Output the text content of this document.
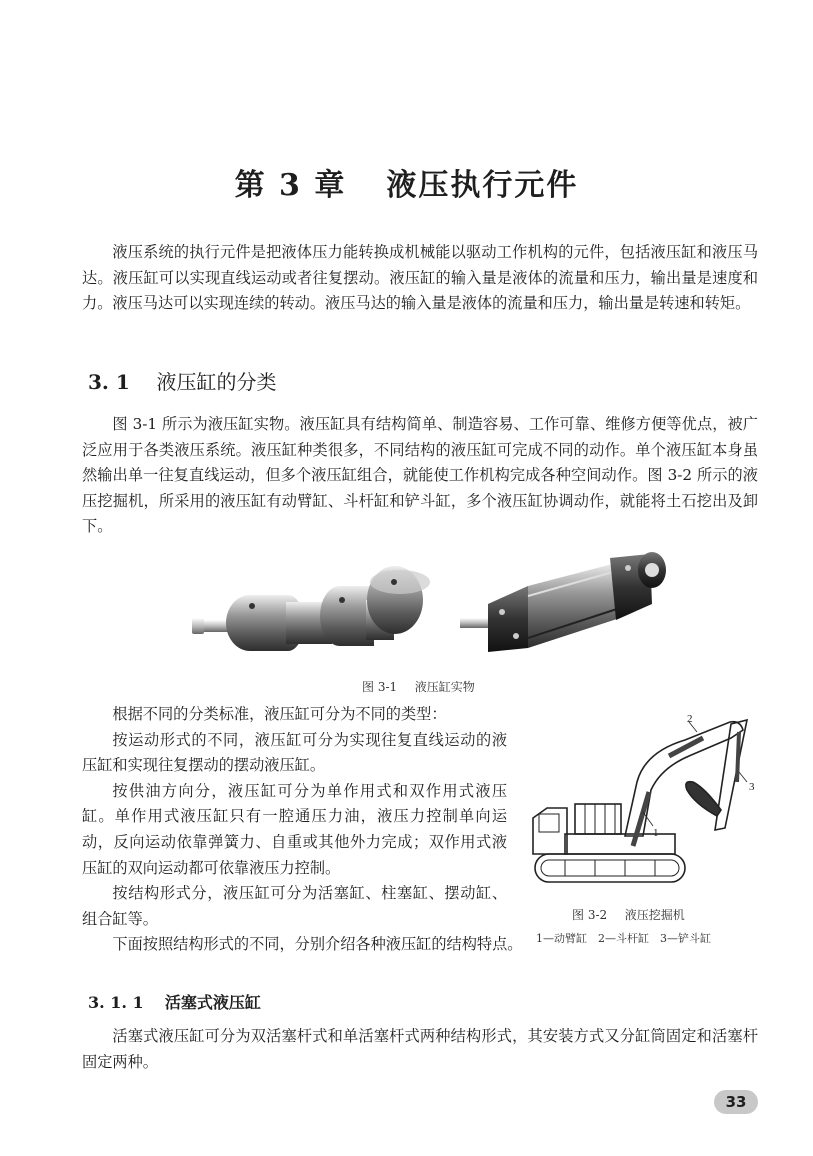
第 3 章 液压执行元件

液压系统的执行元件是把液体压力能转换成机械能以驱动工作机构的元件，包括液压缸和液压马达。液压缸可以实现直线运动或者往复摆动。液压缸的输入量是液体的流量和压力，输出量是速度和力。液压马达可以实现连续的转动。液压马达的输入量是液体的流量和压力，输出量是转速和转矩。

3. 1 液压缸的分类

图 3-1 所示为液压缸实物。液压缸具有结构简单、制造容易、工作可靠、维修方便等优点，被广泛应用于各类液压系统。液压缸种类很多，不同结构的液压缸可完成不同的动作。单个液压缸本身虽然输出单一往复直线运动，但多个液压缸组合，就能使工作机构完成各种空间动作。图 3-2 所示的液压挖掘机，所采用的液压缸有动臂缸、斗杆缸和铲斗缸，多个液压缸协调动作，就能将土石挖出及卸下。

图 3-1 液压缸实物

根据不同的分类标准，液压缸可分为不同的类型：

按运动形式的不同，液压缸可分为实现往复直线运动的液压缸和实现往复摆动的摆动液压缸。

按供油方向分，液压缸可分为单作用式和双作用式液压缸。单作用式液压缸只有一腔通压力油，液压力控制单向运动，反向运动依靠弹簧力、自重或其他外力完成；双作用式液压缸的双向运动都可依靠液压力控制。

按结构形式分，液压缸可分为活塞缸、柱塞缸、摆动缸、组合缸等。

下面按照结构形式的不同，分别介绍各种液压缸的结构特点。

1
2
3
图 3-2 液压挖掘机
1—动臂缸　2—斗杆缸　3—铲斗缸
3. 1. 1 活塞式液压缸

活塞式液压缸可分为双活塞杆式和单活塞杆式两种结构形式，其安装方式又分缸筒固定和活塞杆固定两种。

33
